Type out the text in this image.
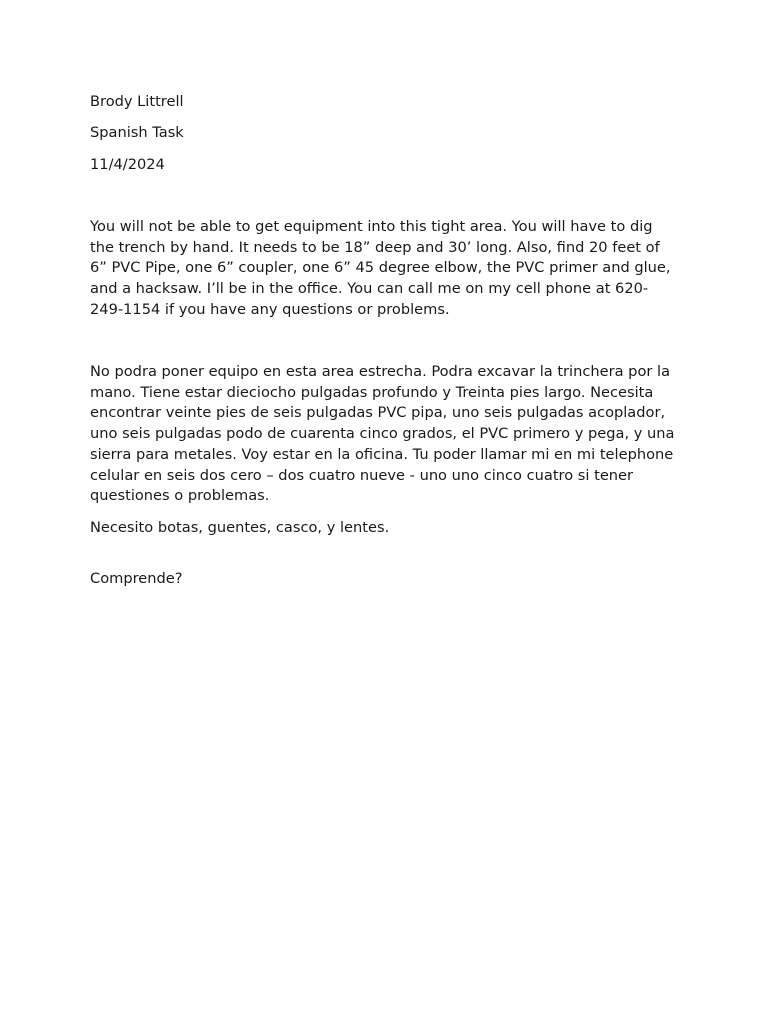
Brody Littrell

Spanish Task

11/4/2024

You will not be able to get equipment into this tight area. You will have to dig the trench by hand. It needs to be 18” deep and 30’ long. Also, find 20 feet of 6” PVC Pipe, one 6” coupler, one 6” 45 degree elbow, the PVC primer and glue, and a hacksaw. I’ll be in the office. You can call me on my cell phone at 620-249-1154 if you have any questions or problems.

No podra poner equipo en esta area estrecha. Podra excavar la trinchera por la mano. Tiene estar dieciocho pulgadas profundo y Treinta pies largo. Necesita encontrar veinte pies de seis pulgadas PVC pipa, uno seis pulgadas acoplador, uno seis pulgadas podo de cuarenta cinco grados, el PVC primero y pega, y una sierra para metales. Voy estar en la oficina. Tu poder llamar mi en mi telephone celular en seis dos cero – dos cuatro nueve - uno uno cinco cuatro si tener questiones o problemas.

Necesito botas, guentes, casco, y lentes.

Comprende?
